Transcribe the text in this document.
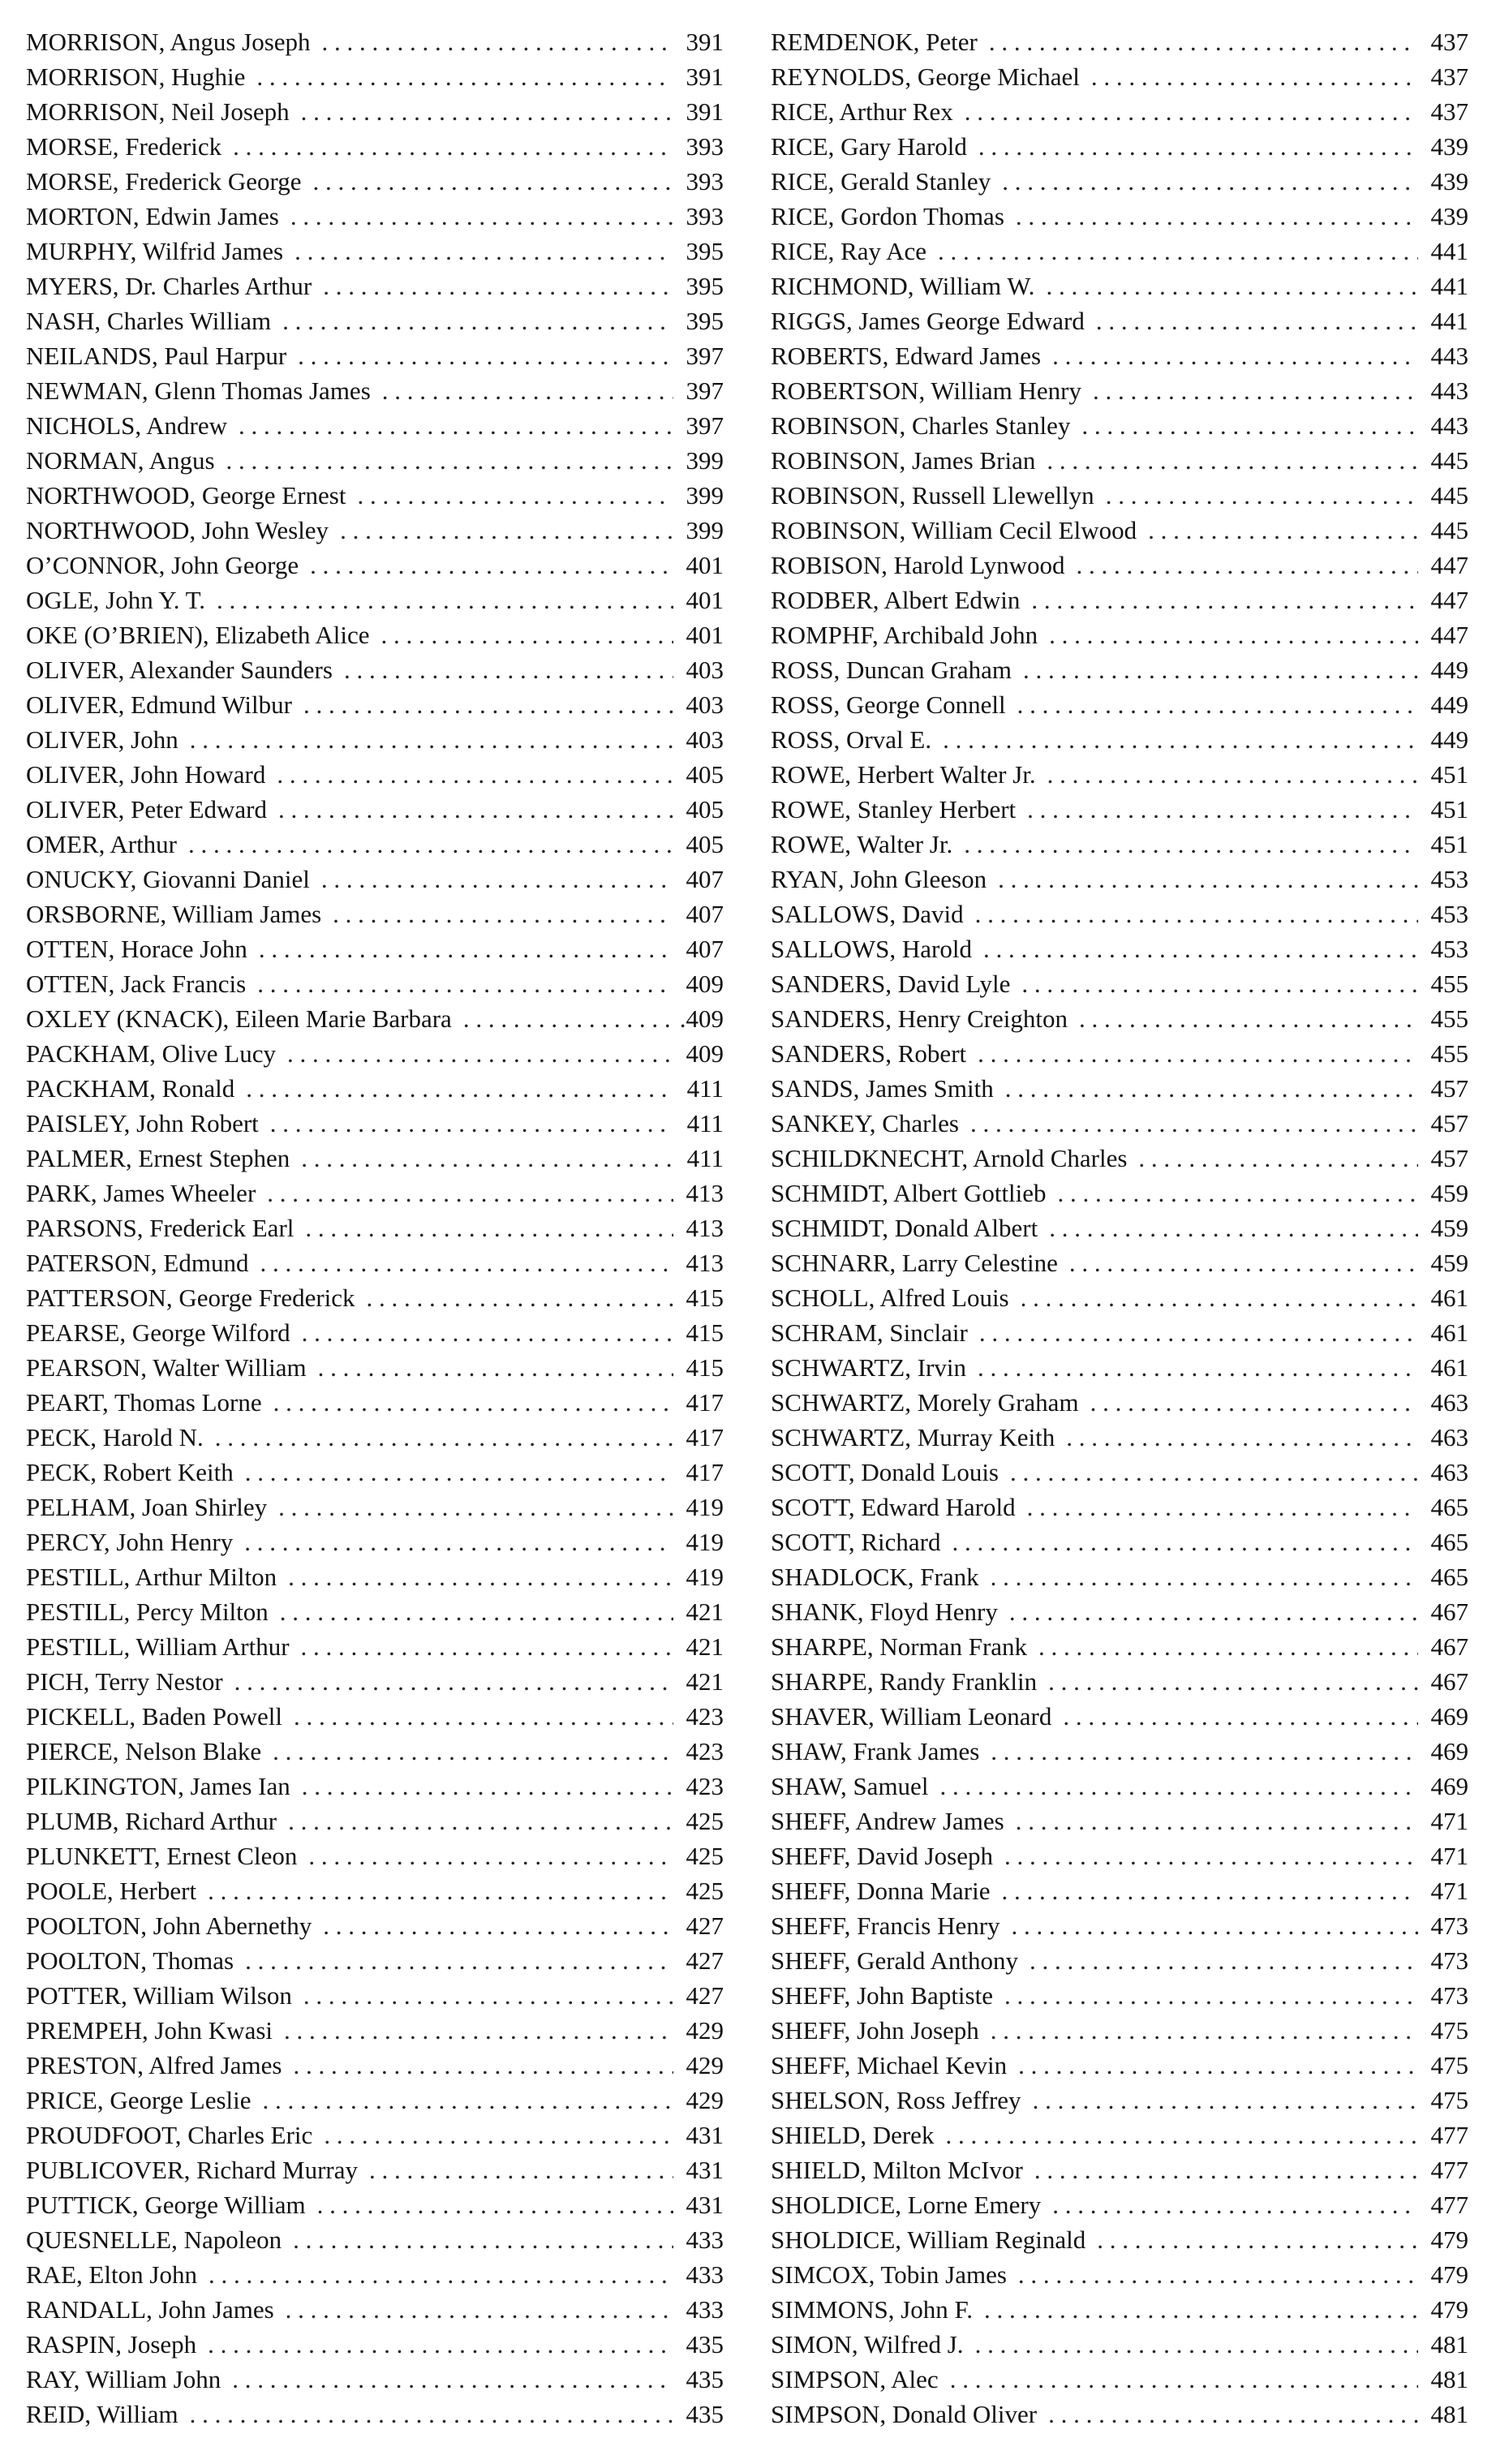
MORRISON, Angus Joseph . . .	391
MORRISON, Hughie . . .	391
MORRISON, Neil Joseph . . .	391
MORSE, Frederick . . .	393
MORSE, Frederick George . . .	393
MORTON, Edwin James . . .	393
MURPHY, Wilfrid James . . .	395
MYERS, Dr. Charles Arthur . . .	395
NASH, Charles William . . .	395
NEILANDS, Paul Harpur . . .	397
NEWMAN, Glenn Thomas James . . .	397
NICHOLS, Andrew . . .	397
NORMAN, Angus . . .	399
NORTHWOOD, George Ernest . . .	399
NORTHWOOD, John Wesley . . .	399
O’CONNOR, John George . . .	401
OGLE, John Y. T. . . .	401
OKE (O’BRIEN), Elizabeth Alice . . .	401
OLIVER, Alexander Saunders . . .	403
OLIVER, Edmund Wilbur . . .	403
OLIVER, John . . .	403
OLIVER, John Howard . . .	405
OLIVER, Peter Edward . . .	405
OMER, Arthur . . .	405
ONUCKY, Giovanni Daniel . . .	407
ORSBORNE, William James . . .	407
OTTEN, Horace John . . .	407
OTTEN, Jack Francis . . .	409
OXLEY (KNACK), Eileen Marie Barbara . . .	.409
PACKHAM, Olive Lucy . . .	409
PACKHAM, Ronald . . .	411
PAISLEY, John Robert . . .	411
PALMER, Ernest Stephen . . .	411
PARK, James Wheeler . . .	413
PARSONS, Frederick Earl . . .	413
PATERSON, Edmund . . .	413
PATTERSON, George Frederick . . .	415
PEARSE, George Wilford . . .	415
PEARSON, Walter William . . .	415
PEART, Thomas Lorne . . .	417
PECK, Harold N. . . .	417
PECK, Robert Keith . . .	417
PELHAM, Joan Shirley . . .	419
PERCY, John Henry . . .	419
PESTILL, Arthur Milton . . .	419
PESTILL, Percy Milton . . .	421
PESTILL, William Arthur . . .	421
PICH, Terry Nestor . . .	421
PICKELL, Baden Powell . . .	423
PIERCE, Nelson Blake . . .	423
PILKINGTON, James Ian . . .	423
PLUMB, Richard Arthur . . .	425
PLUNKETT, Ernest Cleon . . .	425
POOLE, Herbert . . .	425
POOLTON, John Abernethy . . .	427
POOLTON, Thomas . . .	427
POTTER, William Wilson . . .	427
PREMPEH, John Kwasi . . .	429
PRESTON, Alfred James . . .	429
PRICE, George Leslie . . .	429
PROUDFOOT, Charles Eric . . .	431
PUBLICOVER, Richard Murray . . .	431
PUTTICK, George William . . .	431
QUESNELLE, Napoleon . . .	433
RAE, Elton John . . .	433
RANDALL, John James . . .	433
RASPIN, Joseph . . .	435
RAY, William John . . .	435
REID, William . . .	435
REMDENOK, Peter . . .	437
REYNOLDS, George Michael . . .	437
RICE, Arthur Rex . . .	437
RICE, Gary Harold . . .	439
RICE, Gerald Stanley . . .	439
RICE, Gordon Thomas . . .	439
RICE, Ray Ace . . .	441
RICHMOND, William W. . . .	441
RIGGS, James George Edward . . .	441
ROBERTS, Edward James . . .	443
ROBERTSON, William Henry . . .	443
ROBINSON, Charles Stanley . . .	443
ROBINSON, James Brian . . .	445
ROBINSON, Russell Llewellyn . . .	445
ROBINSON, William Cecil Elwood . . .	445
ROBISON, Harold Lynwood . . .	447
RODBER, Albert Edwin . . .	447
ROMPHF, Archibald John . . .	447
ROSS, Duncan Graham . . .	449
ROSS, George Connell . . .	449
ROSS, Orval E. . . .	449
ROWE, Herbert Walter Jr. . . .	451
ROWE, Stanley Herbert . . .	451
ROWE, Walter Jr. . . .	451
RYAN, John Gleeson . . .	453
SALLOWS, David . . .	453
SALLOWS, Harold . . .	453
SANDERS, David Lyle . . .	455
SANDERS, Henry Creighton . . .	455
SANDERS, Robert . . .	455
SANDS, James Smith . . .	457
SANKEY, Charles . . .	457
SCHILDKNECHT, Arnold Charles . . .	457
SCHMIDT, Albert Gottlieb . . .	459
SCHMIDT, Donald Albert . . .	459
SCHNARR, Larry Celestine . . .	459
SCHOLL, Alfred Louis . . .	461
SCHRAM, Sinclair . . .	461
SCHWARTZ, Irvin . . .	461
SCHWARTZ, Morely Graham . . .	463
SCHWARTZ, Murray Keith . . .	463
SCOTT, Donald Louis . . .	463
SCOTT, Edward Harold . . .	465
SCOTT, Richard . . .	465
SHADLOCK, Frank . . .	465
SHANK, Floyd Henry . . .	467
SHARPE, Norman Frank . . .	467
SHARPE, Randy Franklin . . .	467
SHAVER, William Leonard . . .	469
SHAW, Frank James . . .	469
SHAW, Samuel . . .	469
SHEFF, Andrew James . . .	471
SHEFF, David Joseph . . .	471
SHEFF, Donna Marie . . .	471
SHEFF, Francis Henry . . .	473
SHEFF, Gerald Anthony . . .	473
SHEFF, John Baptiste . . .	473
SHEFF, John Joseph . . .	475
SHEFF, Michael Kevin . . .	475
SHELSON, Ross Jeffrey . . .	475
SHIELD, Derek . . .	477
SHIELD, Milton McIvor . . .	477
SHOLDICE, Lorne Emery . . .	477
SHOLDICE, William Reginald . . .	479
SIMCOX, Tobin James . . .	479
SIMMONS, John F. . . .	479
SIMON, Wilfred J. . . .	481
SIMPSON, Alec . . .	481
SIMPSON, Donald Oliver . . .	481
